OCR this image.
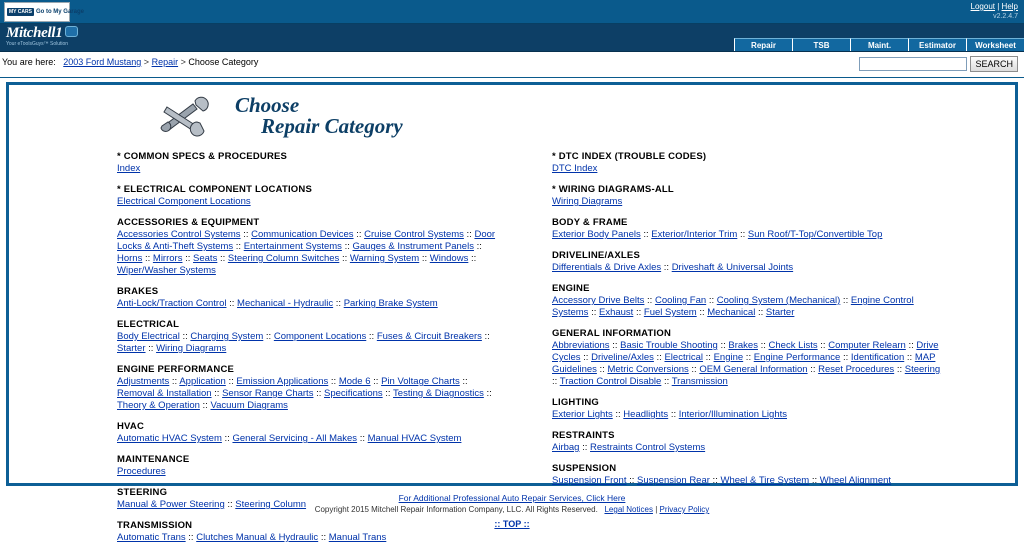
MY CARS Go to My Garage
Logout | Help
v2.2.4.7
Mitchell1
Your eToolsGuys™ Solution	Repair	TSB	Maint.	Estimator	Worksheet
You are here: 2003 Ford Mustang > Repair > Choose Category	SEARCH
Choose
Repair Category
* COMMON SPECS & PROCEDURES
Index
* ELECTRICAL COMPONENT LOCATIONS
Electrical Component Locations
ACCESSORIES & EQUIPMENT
Accessories Control Systems :: Communication Devices :: Cruise Control Systems :: Door Locks & Anti-Theft Systems :: Entertainment Systems :: Gauges & Instrument Panels :: Horns :: Mirrors :: Seats :: Steering Column Switches :: Warning System :: Windows :: Wiper/Washer Systems
BRAKES
Anti-Lock/Traction Control :: Mechanical - Hydraulic :: Parking Brake System
ELECTRICAL
Body Electrical :: Charging System :: Component Locations :: Fuses & Circuit Breakers :: Starter :: Wiring Diagrams
ENGINE PERFORMANCE
Adjustments :: Application :: Emission Applications :: Mode 6 :: Pin Voltage Charts :: Removal & Installation :: Sensor Range Charts :: Specifications :: Testing & Diagnostics :: Theory & Operation :: Vacuum Diagrams
HVAC
Automatic HVAC System :: General Servicing - All Makes :: Manual HVAC System
MAINTENANCE
Procedures
STEERING
Manual & Power Steering :: Steering Column
TRANSMISSION
Automatic Trans :: Clutches Manual & Hydraulic :: Manual Trans
* DTC INDEX (TROUBLE CODES)
DTC Index
* WIRING DIAGRAMS-ALL
Wiring Diagrams
BODY & FRAME
Exterior Body Panels :: Exterior/Interior Trim :: Sun Roof/T-Top/Convertible Top
DRIVELINE/AXLES
Differentials & Drive Axles :: Driveshaft & Universal Joints
ENGINE
Accessory Drive Belts :: Cooling Fan :: Cooling System (Mechanical) :: Engine Control Systems :: Exhaust :: Fuel System :: Mechanical :: Starter
GENERAL INFORMATION
Abbreviations :: Basic Trouble Shooting :: Brakes :: Check Lists :: Computer Relearn :: Drive Cycles :: Driveline/Axles :: Electrical :: Engine :: Engine Performance :: Identification :: MAP Guidelines :: Metric Conversions :: OEM General Information :: Reset Procedures :: Steering :: Traction Control Disable :: Transmission
LIGHTING
Exterior Lights :: Headlights :: Interior/Illumination Lights
RESTRAINTS
Airbag :: Restraints Control Systems
SUSPENSION
Suspension Front :: Suspension Rear :: Wheel & Tire System :: Wheel Alignment
For Additional Professional Auto Repair Services, Click Here
Copyright 2015 Mitchell Repair Information Company, LLC. All Rights Reserved. Legal Notices | Privacy Policy
:: TOP ::
